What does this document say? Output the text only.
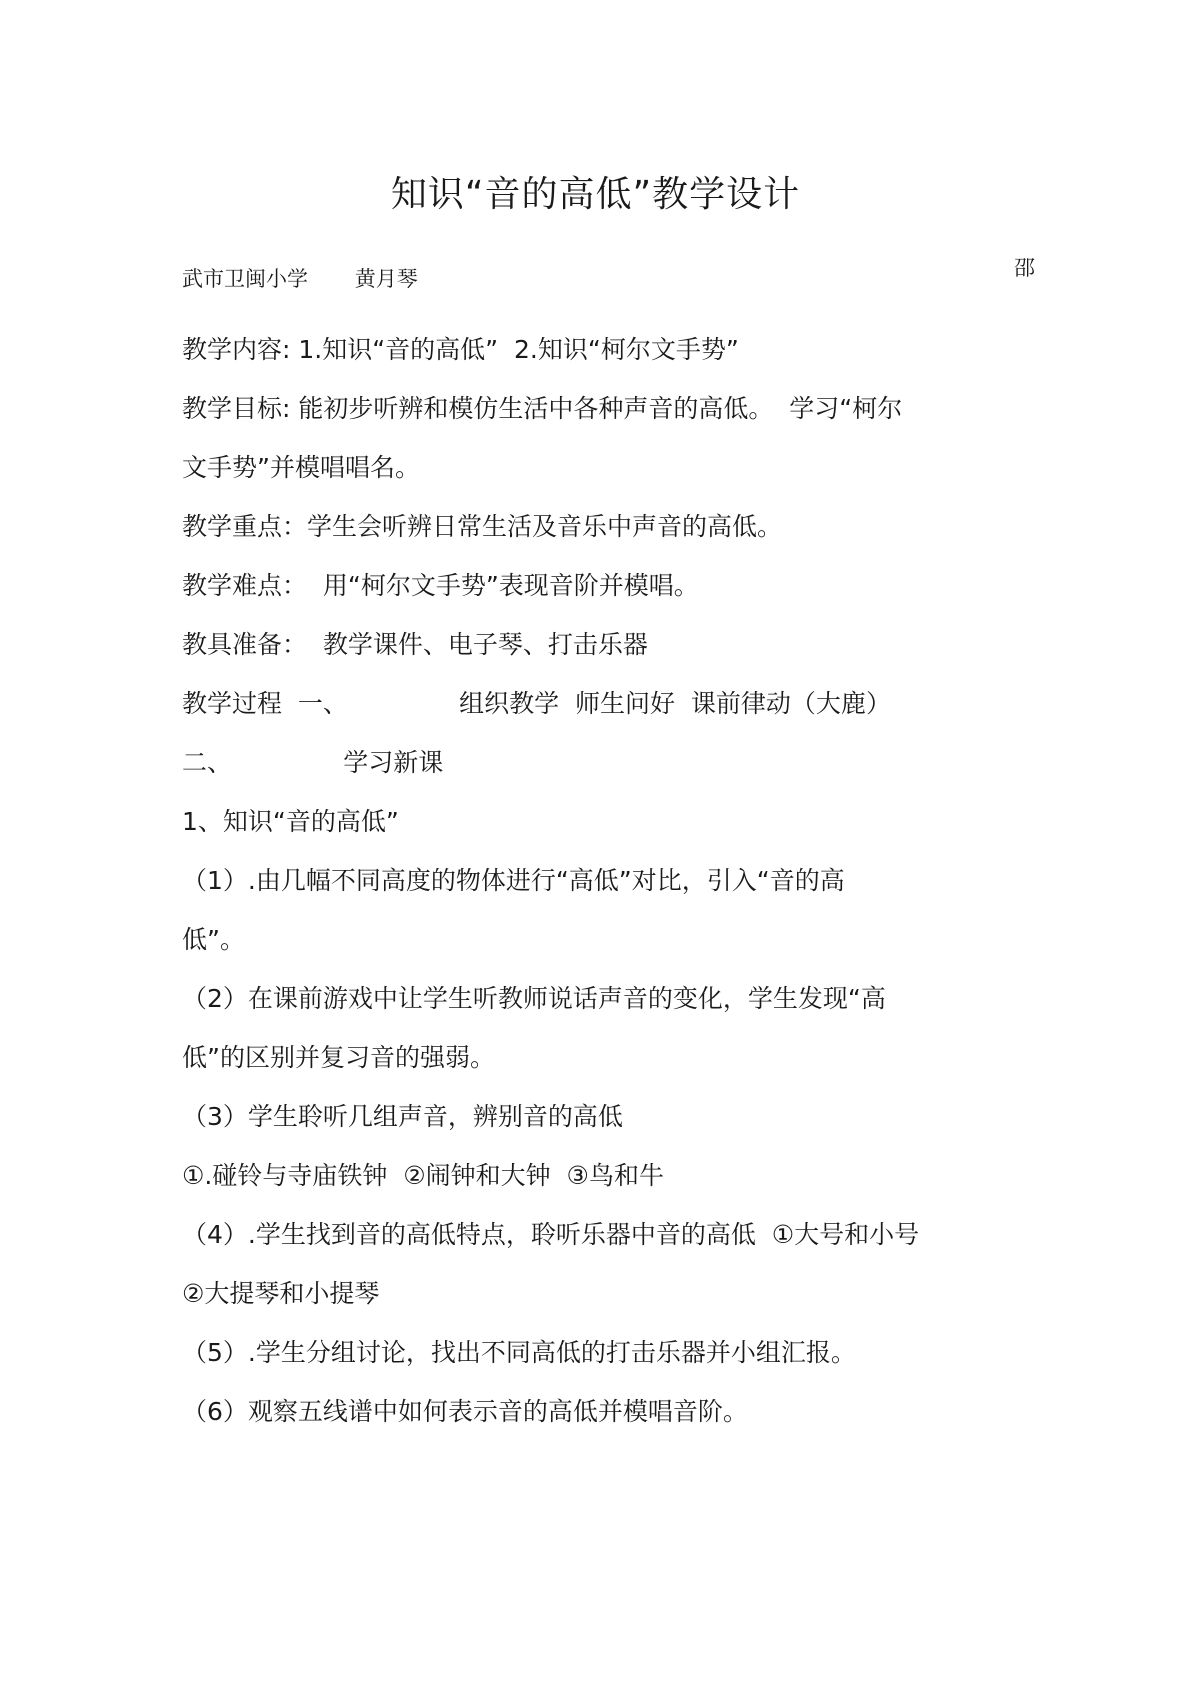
知识“音的高低”教学设计
邵
武市卫闽小学       黄月琴
教学内容: 1.知识“音的高低”  2.知识“柯尔文手势”
教学目标: 能初步听辨和模仿生活中各种声音的高低。  学习“柯尔
文手势”并模唱唱名。
教学重点：学生会听辨日常生活及音乐中声音的高低。
教学难点：  用“柯尔文手势”表现音阶并模唱。
教具准备：  教学课件、电子琴、打击乐器
教学过程  一、              组织教学  师生问好  课前律动（大鹿）
二、              学习新课
1、知识“音的高低”
（1）.由几幅不同高度的物体进行“高低”对比，引入“音的高
低”。
（2）在课前游戏中让学生听教师说话声音的变化，学生发现“高
低”的区别并复习音的强弱。
（3）学生聆听几组声音，辨别音的高低
①.碰铃与寺庙铁钟  ②闹钟和大钟  ③鸟和牛
（4）.学生找到音的高低特点，聆听乐器中音的高低  ①大号和小号
②大提琴和小提琴
（5）.学生分组讨论，找出不同高低的打击乐器并小组汇报。
（6）观察五线谱中如何表示音的高低并模唱音阶。
